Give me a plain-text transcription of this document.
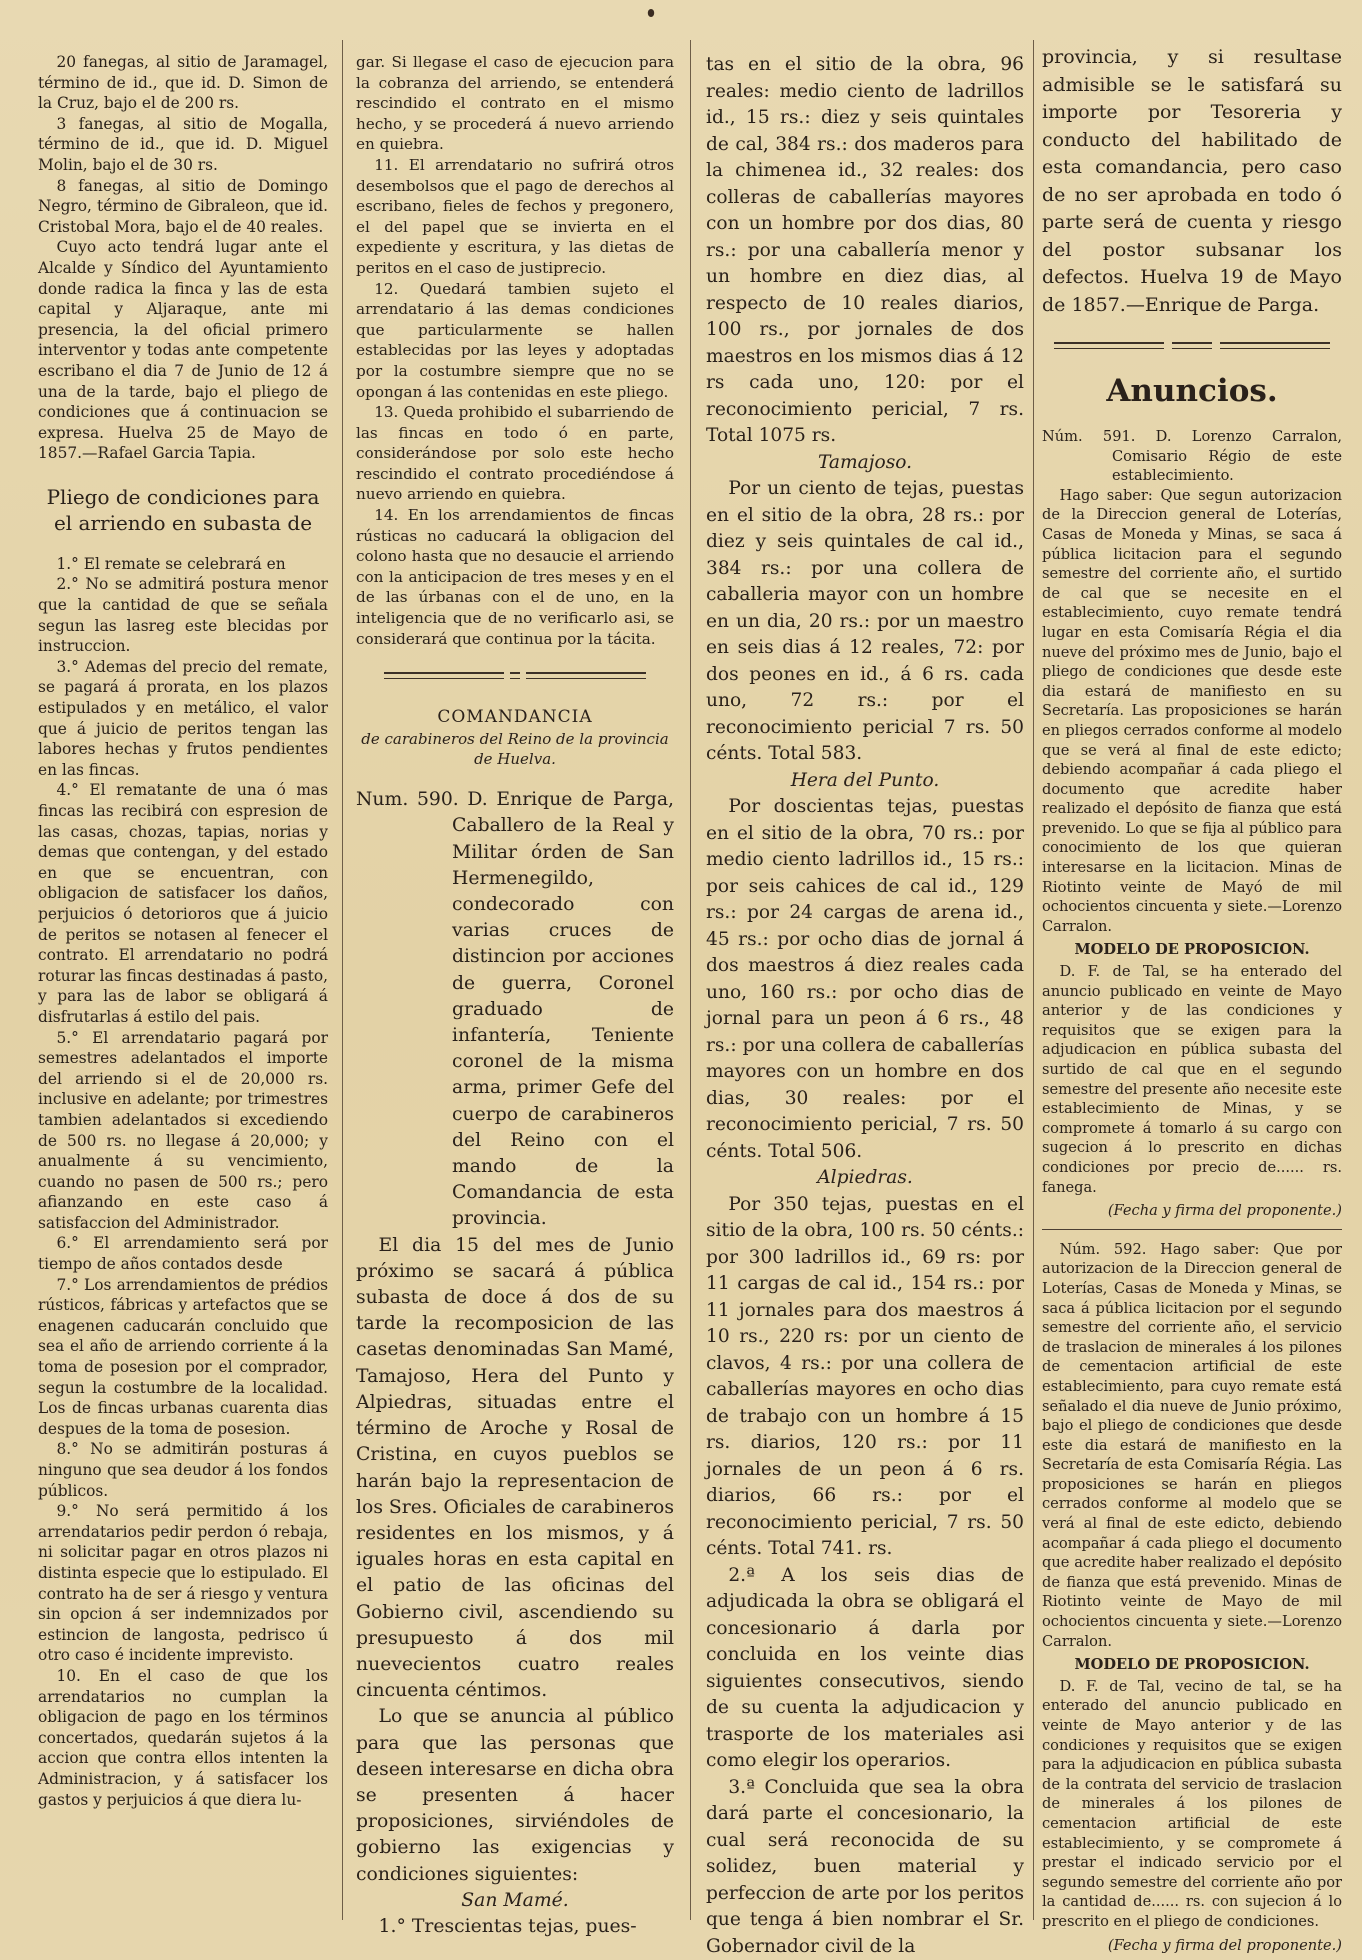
20 fanegas, al sitio de Jaramagel, término de id., que id. D. Simon de la Cruz, bajo el de 200 rs.

3 fanegas, al sitio de Mogalla, término de id., que id. D. Miguel Molin, bajo el de 30 rs.

8 fanegas, al sitio de Domingo Negro, término de Gibraleon, que id. Cristobal Mora, bajo el de 40 reales.

Cuyo acto tendrá lugar ante el Alcalde y Síndico del Ayuntamiento donde radica la finca y las de esta capital y Aljaraque, ante mi presencia, la del oficial primero interventor y todas ante competente escribano el dia 7 de Junio de 12 á una de la tarde, bajo el pliego de condiciones que á continuacion se expresa. Huelva 25 de Mayo de 1857.—Rafael Garcia Tapia.

Pliego de condiciones para el arriendo en subasta de

1.° El remate se celebrará en

2.° No se admitirá postura menor que la cantidad de que se señala segun las lasreg este blecidas por instruccion.

3.° Ademas del precio del remate, se pagará á prorata, en los plazos estipulados y en metálico, el valor que á juicio de peritos tengan las labores hechas y frutos pendientes en las fincas.

4.° El rematante de una ó mas fincas las recibirá con espresion de las casas, chozas, tapias, norias y demas que contengan, y del estado en que se encuentran, con obligacion de satisfacer los daños, perjuicios ó detorioros que á juicio de peritos se notasen al fenecer el contrato. El arrendatario no podrá roturar las fincas destinadas á pasto, y para las de labor se obligará á disfrutarlas á estilo del pais.

5.° El arrendatario pagará por semestres adelantados el importe del arriendo si el de 20,000 rs. inclusive en adelante; por trimestres tambien adelantados si excediendo de 500 rs. no llegase á 20,000; y anualmente á su vencimiento, cuando no pasen de 500 rs.; pero afianzando en este caso á satisfaccion del Administrador.

6.° El arrendamiento será por tiempo de años contados desde

7.° Los arrendamientos de prédios rústicos, fábricas y artefactos que se enagenen caducarán concluido que sea el año de arriendo corriente á la toma de posesion por el comprador, segun la costumbre de la localidad. Los de fincas urbanas cuarenta dias despues de la toma de posesion.

8.° No se admitirán posturas á ninguno que sea deudor á los fondos públicos.

9.° No será permitido á los arrendatarios pedir perdon ó rebaja, ni solicitar pagar en otros plazos ni distinta especie que lo estipulado. El contrato ha de ser á riesgo y ventura sin opcion á ser indemnizados por estincion de langosta, pedrisco ú otro caso é incidente imprevisto.

10. En el caso de que los arrendatarios no cumplan la obligacion de pago en los términos concertados, quedarán sujetos á la accion que contra ellos intenten la Administracion, y á satisfacer los gastos y perjuicios á que diera lu-

gar. Si llegase el caso de ejecucion para la cobranza del arriendo, se entenderá rescindido el contrato en el mismo hecho, y se procederá á nuevo arriendo en quiebra.

11. El arrendatario no sufrirá otros desembolsos que el pago de derechos al escribano, fieles de fechos y pregonero, el del papel que se invierta en el expediente y escritura, y las dietas de peritos en el caso de justiprecio.

12. Quedará tambien sujeto el arrendatario á las demas condiciones que particularmente se hallen establecidas por las leyes y adoptadas por la costumbre siempre que no se opongan á las contenidas en este pliego.

13. Queda prohibido el subarriendo de las fincas en todo ó en parte, considerándose por solo este hecho rescindido el contrato procediéndose á nuevo arriendo en quiebra.

14. En los arrendamientos de fincas rústicas no caducará la obligacion del colono hasta que no desaucie el arriendo con la anticipacion de tres meses y en el de las úrbanas con el de uno, en la inteligencia que de no verificarlo asi, se considerará que continua por la tácita.

COMANDANCIA
de carabineros del Reino de la provincia de Huelva.

Num. 590. D. Enrique de Parga, Caballero de la Real y Militar órden de San Hermenegildo, condecorado con varias cruces de distincion por acciones de guerra, Coronel graduado de infantería, Teniente coronel de la misma arma, primer Gefe del cuerpo de carabineros del Reino con el mando de la Comandancia de esta provincia.

El dia 15 del mes de Junio próximo se sacará á pública subasta de doce á dos de su tarde la recomposicion de las casetas denominadas San Mamé, Tamajoso, Hera del Punto y Alpiedras, situadas entre el término de Aroche y Rosal de Cristina, en cuyos pueblos se harán bajo la representacion de los Sres. Oficiales de carabineros residentes en los mismos, y á iguales horas en esta capital en el patio de las oficinas del Gobierno civil, ascendiendo su presupuesto á dos mil nuevecientos cuatro reales cincuenta céntimos.

Lo que se anuncia al público para que las personas que deseen interesarse en dicha obra se presenten á hacer proposiciones, sirviéndoles de gobierno las exigencias y condiciones siguientes:

San Mamé.

1.° Trescientas tejas, pues-

tas en el sitio de la obra, 96 reales: medio ciento de ladrillos id., 15 rs.: diez y seis quintales de cal, 384 rs.: dos maderos para la chimenea id., 32 reales: dos colleras de caballerías mayores con un hombre por dos dias, 80 rs.: por una caballería menor y un hombre en diez dias, al respecto de 10 reales diarios, 100 rs., por jornales de dos maestros en los mismos dias á 12 rs cada uno, 120: por el reconocimiento pericial, 7 rs. Total 1075 rs.

Tamajoso.

Por un ciento de tejas, puestas en el sitio de la obra, 28 rs.: por diez y seis quintales de cal id., 384 rs.: por una collera de caballeria mayor con un hombre en un dia, 20 rs.: por un maestro en seis dias á 12 reales, 72: por dos peones en id., á 6 rs. cada uno, 72 rs.: por el reconocimiento pericial 7 rs. 50 cénts. Total 583.

Hera del Punto.

Por doscientas tejas, puestas en el sitio de la obra, 70 rs.: por medio ciento ladrillos id., 15 rs.: por seis cahices de cal id., 129 rs.: por 24 cargas de arena id., 45 rs.: por ocho dias de jornal á dos maestros á diez reales cada uno, 160 rs.: por ocho dias de jornal para un peon á 6 rs., 48 rs.: por una collera de caballerías mayores con un hombre en dos dias, 30 reales: por el reconocimiento pericial, 7 rs. 50 cénts. Total 506.

Alpiedras.

Por 350 tejas, puestas en el sitio de la obra, 100 rs. 50 cénts.: por 300 ladrillos id., 69 rs: por 11 cargas de cal id., 154 rs.: por 11 jornales para dos maestros á 10 rs., 220 rs: por un ciento de clavos, 4 rs.: por una collera de caballerías mayores en ocho dias de trabajo con un hombre á 15 rs. diarios, 120 rs.: por 11 jornales de un peon á 6 rs. diarios, 66 rs.: por el reconocimiento pericial, 7 rs. 50 cénts. Total 741. rs.

2.ª A los seis dias de adjudicada la obra se obligará el concesionario á darla por concluida en los veinte dias siguientes consecutivos, siendo de su cuenta la adjudicacion y trasporte de los materiales asi como elegir los operarios.

3.ª Concluida que sea la obra dará parte el concesionario, la cual será reconocida de su solidez, buen material y perfeccion de arte por los peritos que tenga á bien nombrar el Sr. Gobernador civil de la

provincia, y si resultase admisible se le satisfará su importe por Tesoreria y conducto del habilitado de esta comandancia, pero caso de no ser aprobada en todo ó parte será de cuenta y riesgo del postor subsanar los defectos. Huelva 19 de Mayo de 1857.—Enrique de Parga.

Anuncios.

Núm. 591. D. Lorenzo Carralon, Comisario Régio de este establecimiento.

Hago saber: Que segun autorizacion de la Direccion general de Loterías, Casas de Moneda y Minas, se saca á pública licitacion para el segundo semestre del corriente año, el surtido de cal que se necesite en el establecimiento, cuyo remate tendrá lugar en esta Comisaría Régia el dia nueve del próximo mes de Junio, bajo el pliego de condiciones que desde este dia estará de manifiesto en su Secretaría. Las proposiciones se harán en pliegos cerrados conforme al modelo que se verá al final de este edicto; debiendo acompañar á cada pliego el documento que acredite haber realizado el depósito de fianza que está prevenido. Lo que se fija al público para conocimiento de los que quieran interesarse en la licitacion. Minas de Riotinto veinte de Mayó de mil ochocientos cincuenta y siete.—Lorenzo Carralon.

MODELO DE PROPOSICION.

D. F. de Tal, se ha enterado del anuncio publicado en veinte de Mayo anterior y de las condiciones y requisitos que se exigen para la adjudicacion en pública subasta del surtido de cal que en el segundo semestre del presente año necesite este establecimiento de Minas, y se compromete á tomarlo á su cargo con sugecion á lo prescrito en dichas condiciones por precio de...... rs. fanega.

(Fecha y firma del proponente.)

Núm. 592. Hago saber: Que por autorizacion de la Direccion general de Loterías, Casas de Moneda y Minas, se saca á pública licitacion por el segundo semestre del corriente año, el servicio de traslacion de minerales á los pilones de cementacion artificial de este establecimiento, para cuyo remate está señalado el dia nueve de Junio próximo, bajo el pliego de condiciones que desde este dia estará de manifiesto en la Secretaría de esta Comisaría Régia. Las proposiciones se harán en pliegos cerrados conforme al modelo que se verá al final de este edicto, debiendo acompañar á cada pliego el documento que acredite haber realizado el depósito de fianza que está prevenido. Minas de Riotinto veinte de Mayo de mil ochocientos cincuenta y siete.—Lorenzo Carralon.

MODELO DE PROPOSICION.

D. F. de Tal, vecino de tal, se ha enterado del anuncio publicado en veinte de Mayo anterior y de las condiciones y requisitos que se exigen para la adjudicacion en pública subasta de la contrata del servicio de traslacion de minerales á los pilones de cementacion artificial de este establecimiento, y se compromete á prestar el indicado servicio por el segundo semestre del corriente año por la cantidad de...... rs. con sujecion á lo prescrito en el pliego de condiciones.

(Fecha y firma del proponente.)
